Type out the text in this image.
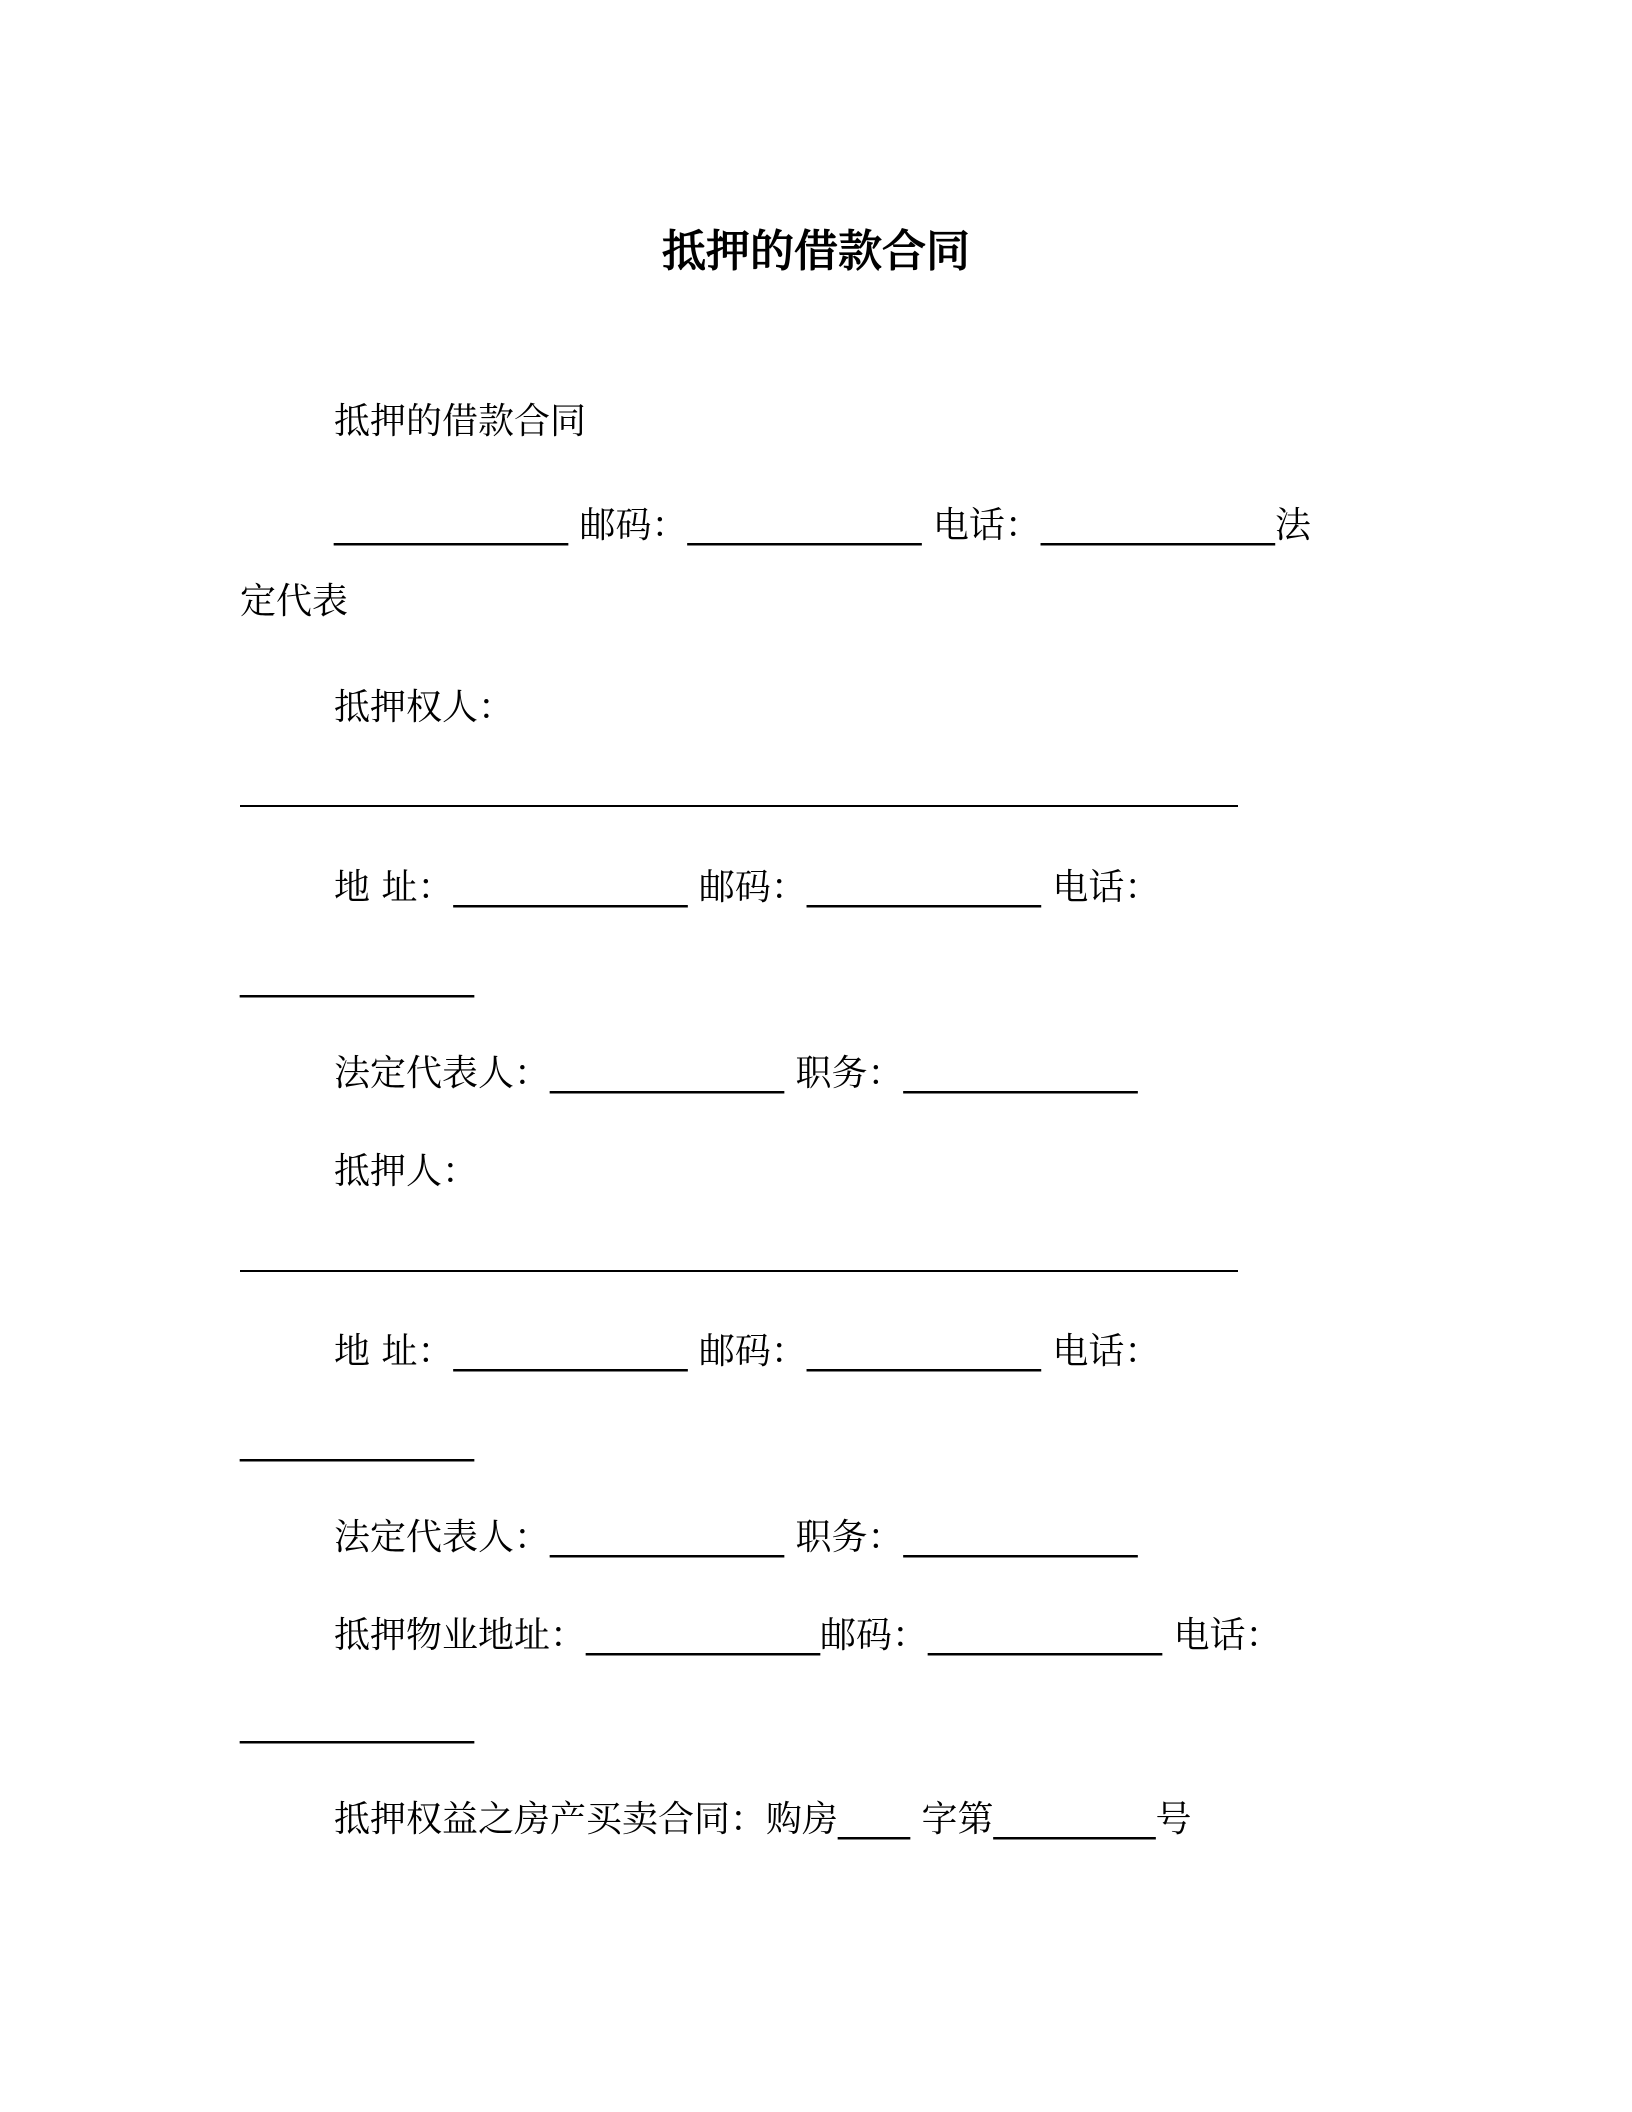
抵押的借款合同

抵押的借款合同

_____________ 邮码：_____________ 电话：_____________法

定代表

抵押权人：

地 址：_____________ 邮码：_____________ 电话：

_____________

法定代表人：_____________ 职务：_____________

抵押人：

地 址：_____________ 邮码：_____________ 电话：

_____________

法定代表人：_____________ 职务：_____________

抵押物业地址：_____________邮码：_____________ 电话：

_____________

抵押权益之房产买卖合同：购房____ 字第_________号
